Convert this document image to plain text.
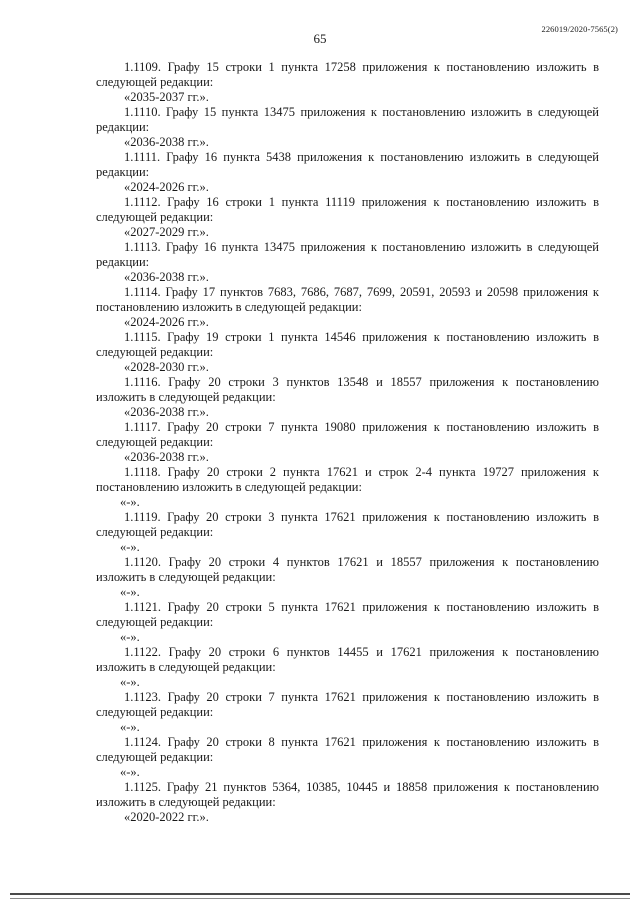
65
226019/2020-7565(2)
1.1109. Графу 15 строки 1 пункта 17258 приложения к постановлению изложить в следующей редакции:
«2035-2037 гг.».
1.1110. Графу 15 пункта 13475 приложения к постановлению изложить в следующей редакции:
«2036-2038 гг.».
1.1111. Графу 16 пункта 5438 приложения к постановлению изложить в следующей редакции:
«2024-2026 гг.».
1.1112. Графу 16 строки 1 пункта 11119 приложения к постановлению изложить в следующей редакции:
«2027-2029 гг.».
1.1113. Графу 16 пункта 13475 приложения к постановлению изложить в следующей редакции:
«2036-2038 гг.».
1.1114. Графу 17 пунктов 7683, 7686, 7687, 7699, 20591, 20593 и 20598 приложения к постановлению изложить в следующей редакции:
«2024-2026 гг.».
1.1115. Графу 19 строки 1 пункта 14546 приложения к постановлению изложить в следующей редакции:
«2028-2030 гг.».
1.1116. Графу 20 строки 3 пунктов 13548 и 18557 приложения к постановлению изложить в следующей редакции:
«2036-2038 гг.».
1.1117. Графу 20 строки 7 пункта 19080 приложения к постановлению изложить в следующей редакции:
«2036-2038 гг.».
1.1118. Графу 20 строки 2 пункта 17621 и строк 2-4 пункта 19727 приложения к постановлению изложить в следующей редакции:
«-».
1.1119. Графу 20 строки 3 пункта 17621 приложения к постановлению изложить в следующей редакции:
«-».
1.1120. Графу 20 строки 4 пунктов 17621 и 18557 приложения к постановлению изложить в следующей редакции:
«-».
1.1121. Графу 20 строки 5 пункта 17621 приложения к постановлению изложить в следующей редакции:
«-».
1.1122. Графу 20 строки 6 пунктов 14455 и 17621 приложения к постановлению изложить в следующей редакции:
«-».
1.1123. Графу 20 строки 7 пункта 17621 приложения к постановлению изложить в следующей редакции:
«-».
1.1124. Графу 20 строки 8 пункта 17621 приложения к постановлению изложить в следующей редакции:
«-».
1.1125. Графу 21 пунктов 5364, 10385, 10445 и 18858 приложения к постановлению изложить в следующей редакции:
«2020-2022 гг.».
